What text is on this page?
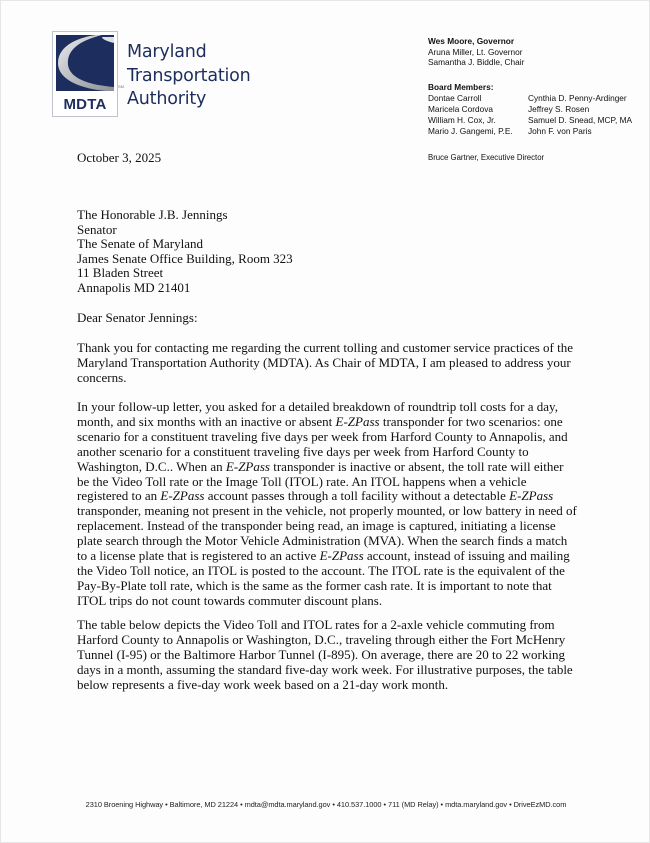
SM
MDTA
Maryland
Transportation
Authority
Wes Moore, Governor
Aruna Miller, Lt. Governor
Samantha J. Biddle, Chair
Board Members:
Dontae Carroll
Maricela Cordova
William H. Cox, Jr.
Mario J. Gangemi, P.E.
Cynthia D. Penny-Ardinger
Jeffrey S. Rosen
Samuel D. Snead, MCP, MA
John F. von Paris
Bruce Gartner, Executive Director
October 3, 2025
The Honorable J.B. Jennings
Senator
The Senate of Maryland
James Senate Office Building, Room 323
11 Bladen Street
Annapolis MD 21401
Dear Senator Jennings:
Thank you for contacting me regarding the current tolling and customer service practices of the Maryland Transportation Authority (MDTA). As Chair of MDTA, I am pleased to address your concerns.
In your follow-up letter, you asked for a detailed breakdown of roundtrip toll costs for a day, month, and six months with an inactive or absent E-ZPass transponder for two scenarios: one scenario for a constituent traveling five days per week from Harford County to Annapolis, and another scenario for a constituent traveling five days per week from Harford County to Washington, D.C.. When an E-ZPass transponder is inactive or absent, the toll rate will either be the Video Toll rate or the Image Toll (ITOL) rate. An ITOL happens when a vehicle registered to an E-ZPass account passes through a toll facility without a detectable E-ZPass transponder, meaning not present in the vehicle, not properly mounted, or low battery in need of replacement. Instead of the transponder being read, an image is captured, initiating a license plate search through the Motor Vehicle Administration (MVA). When the search finds a match to a license plate that is registered to an active E-ZPass account, instead of issuing and mailing the Video Toll notice, an ITOL is posted to the account. The ITOL rate is the equivalent of the Pay-By-Plate toll rate, which is the same as the former cash rate. It is important to note that ITOL trips do not count towards commuter discount plans.
The table below depicts the Video Toll and ITOL rates for a 2-axle vehicle commuting from Harford County to Annapolis or Washington, D.C., traveling through either the Fort McHenry Tunnel (I-95) or the Baltimore Harbor Tunnel (I-895). On average, there are 20 to 22 working days in a month, assuming the standard five-day work week. For illustrative purposes, the table below represents a five-day work week based on a 21-day work month.
2310 Broening Highway • Baltimore, MD 21224 • mdta@mdta.maryland.gov • 410.537.1000 • 711 (MD Relay) • mdta.maryland.gov • DriveEzMD.com
